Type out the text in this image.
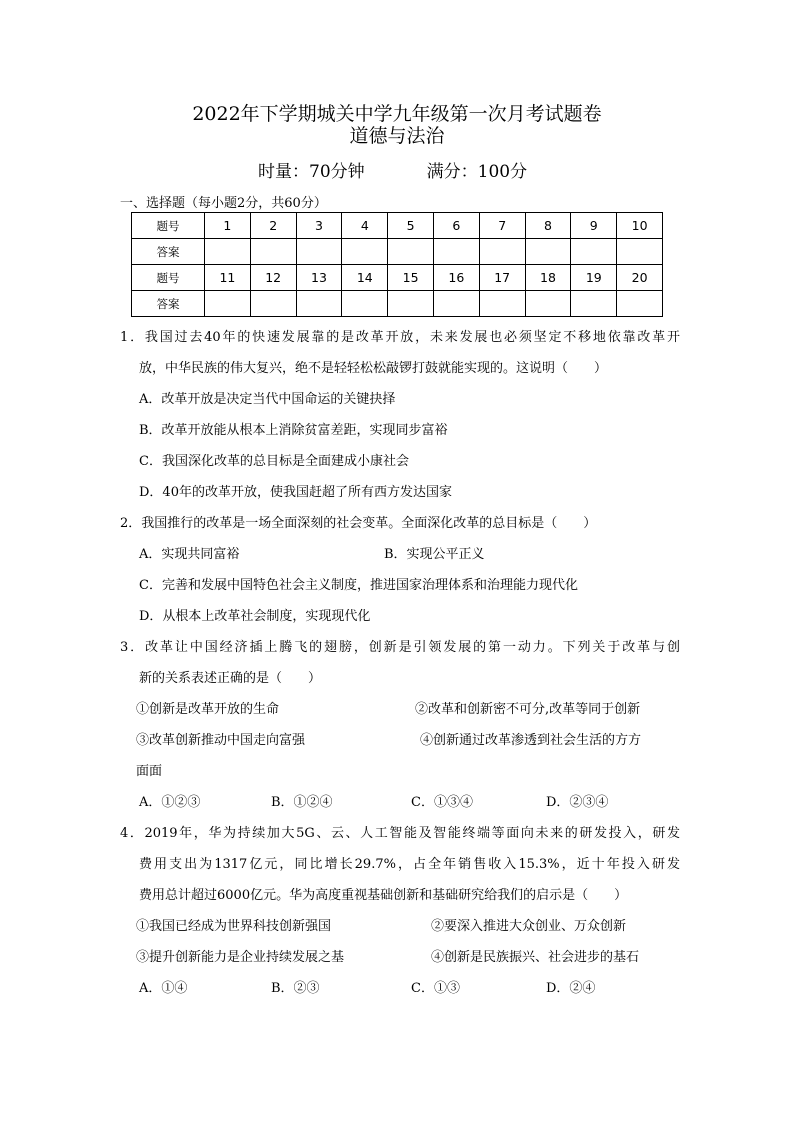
2022年下学期城关中学九年级第一次月考试题卷
道德与法治
时量：70分钟	满分：100分
一、选择题（每小题2分，共60分）
题号	1	2	3	4	5	6	7	8	9	10
答案										
题号	11	12	13	14	15	16	17	18	19	20
答案										
1．我国过去40年的快速发展靠的是改革开放，未来发展也必须坚定不移地依靠改革开
放，中华民族的伟大复兴，绝不是轻轻松松敲锣打鼓就能实现的。这说明（　　）
A．改革开放是决定当代中国命运的关键抉择
B．改革开放能从根本上消除贫富差距，实现同步富裕
C．我国深化改革的总目标是全面建成小康社会
D．40年的改革开放，使我国赶超了所有西方发达国家
2．我国推行的改革是一场全面深刻的社会变革。全面深化改革的总目标是（　　）
A．实现共同富裕	B．实现公平正义
C．完善和发展中国特色社会主义制度，推进国家治理体系和治理能力现代化
D．从根本上改革社会制度，实现现代化
3．改革让中国经济插上腾飞的翅膀，创新是引领发展的第一动力。下列关于改革与创
新的关系表述正确的是（　　）
①创新是改革开放的生命	②改革和创新密不可分,改革等同于创新
③改革创新推动中国走向富强	④创新通过改革渗透到社会生活的方方
面面
A．①②③	B．①②④	C．①③④	D．②③④
4．2019年，华为持续加大5G、云、人工智能及智能终端等面向未来的研发投入，研发
费用支出为1317亿元，同比增长29.7%，占全年销售收入15.3%，近十年投入研发
费用总计超过6000亿元。华为高度重视基础创新和基础研究给我们的启示是（　　）
①我国已经成为世界科技创新强国	②要深入推进大众创业、万众创新
③提升创新能力是企业持续发展之基	④创新是民族振兴、社会进步的基石
A．①④	B．②③	C．①③	D．②④
